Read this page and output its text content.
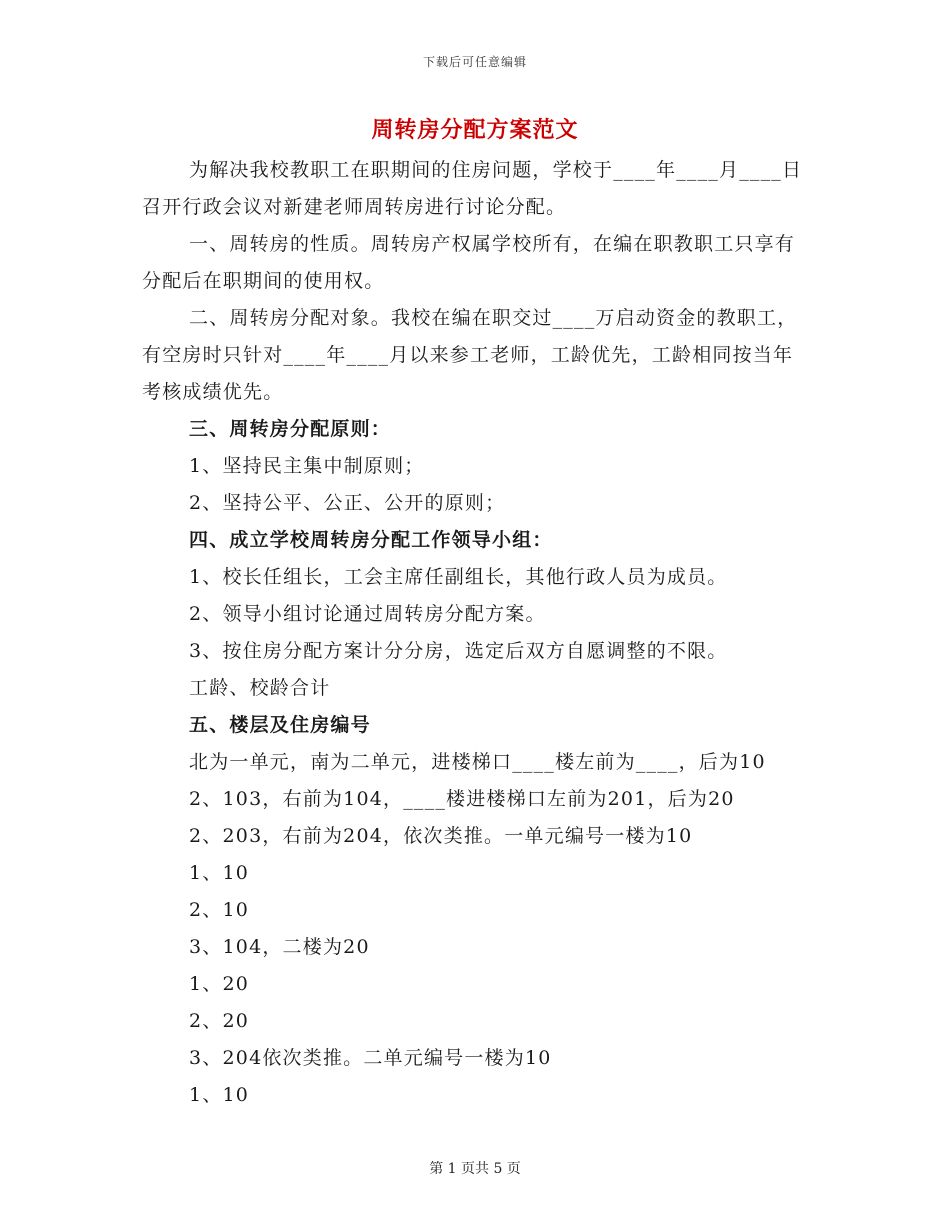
下载后可任意编辑
周转房分配方案范文

为解决我校教职工在职期间的住房问题，学校于____年____月____日召开行政会议对新建老师周转房进行讨论分配。

一、周转房的性质。周转房产权属学校所有，在编在职教职工只享有分配后在职期间的使用权。

二、周转房分配对象。我校在编在职交过____万启动资金的教职工，有空房时只针对____年____月以来参工老师，工龄优先，工龄相同按当年考核成绩优先。

三、周转房分配原则：

1、坚持民主集中制原则；

2、坚持公平、公正、公开的原则；

四、成立学校周转房分配工作领导小组：

1、校长任组长，工会主席任副组长，其他行政人员为成员。

2、领导小组讨论通过周转房分配方案。

3、按住房分配方案计分分房，选定后双方自愿调整的不限。

工龄、校龄合计

五、楼层及住房编号

北为一单元，南为二单元，进楼梯口____楼左前为____，后为10

2、103，右前为104，____楼进楼梯口左前为201，后为20

2、203，右前为204，依次类推。一单元编号一楼为10

1、10

2、10

3、104，二楼为20

1、20

2、20

3、204依次类推。二单元编号一楼为10

1、10

第 1 页共 5 页
